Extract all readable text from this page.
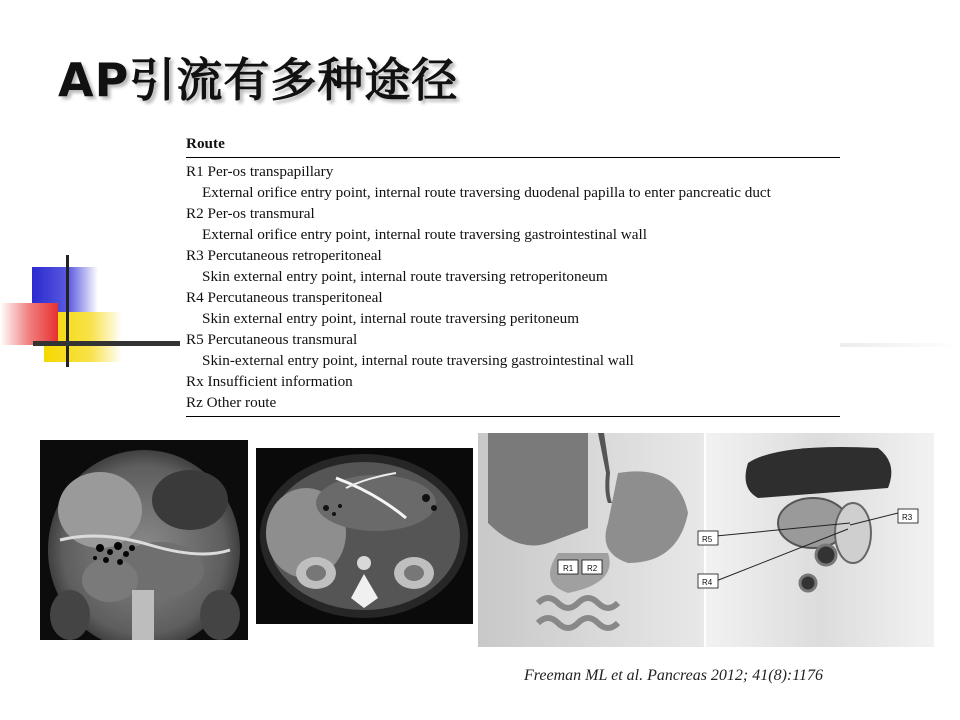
AP引流有多种途径
Route
R1 Per-os transpapillary
External orifice entry point, internal route traversing duodenal papilla to enter pancreatic duct
R2 Per-os transmural
External orifice entry point, internal route traversing gastrointestinal wall
R3 Percutaneous retroperitoneal
Skin external entry point, internal route traversing retroperitoneum
R4 Percutaneous transperitoneal
Skin external entry point, internal route traversing peritoneum
R5 Percutaneous transmural
Skin-external entry point, internal route traversing gastrointestinal wall
Rx Insufficient information
Rz Other route
R1 R2
R5
R4
R3
Freeman ML et al. Pancreas 2012; 41(8):1176
